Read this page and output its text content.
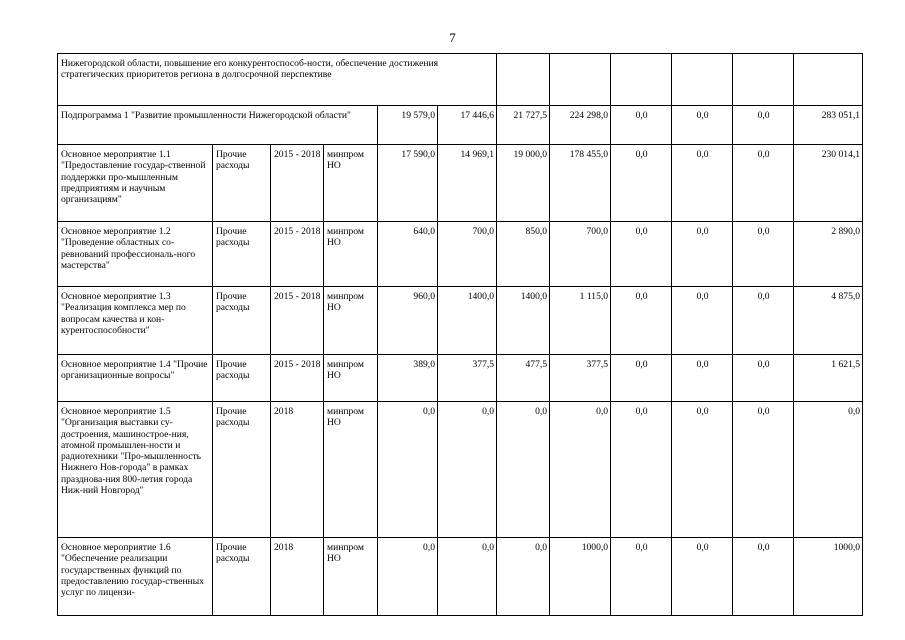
7
Нижегородской области, повышение его конкурентоспособ-ности, обеспечение достижения стратегических приоритетов региона в долгосрочной перспективе											
Подпрограмма 1 "Развитие промышленности Нижегородской области"				19 579,0	17 446,6	21 727,5	224 298,0	0,0	0,0	0,0	283 051,1
Основное мероприятие 1.1 "Предоставление государ-ственной поддержки про-мышленным предприятиям и научным организациям"	Прочие расходы	2015 - 2018	минпром НО	17 590,0	14 969,1	19 000,0	178 455,0	0,0	0,0	0,0	230 014,1
Основное мероприятие 1.2 "Проведение областных со-ревнований профессиональ-ного мастерства"	Прочие расходы	2015 - 2018	минпром НО	640,0	700,0	850,0	700,0	0,0	0,0	0,0	2 890,0
Основное мероприятие 1.3 "Реализация комплекса мер по вопросам качества и кон-курентоспособности"	Прочие расходы	2015 - 2018	минпром НО	960,0	1400,0	1400,0	1 115,0	0,0	0,0	0,0	4 875,0
Основное мероприятие 1.4 "Прочие организационные вопросы"	Прочие расходы	2015 - 2018	минпром НО	389,0	377,5	477,5	377,5	0,0	0,0	0,0	1 621,5
Основное мероприятие 1.5 "Организация выставки су-достроения, машинострое-ния, атомной промышлен-ности и радиотехники "Про-мышленность Нижнего Нов-города" в рамках празднова-ния 800-летия города Ниж-ний Новгород"	Прочие расходы	2018	минпром НО	0,0	0,0	0,0	0,0	0,0	0,0	0,0	0,0
Основное мероприятие 1.6 "Обеспечение реализации государственных функций по предоставлению государ-ственных услуг по лицензи-	Прочие расходы	2018	минпром НО	0,0	0,0	0,0	1000,0	0,0	0,0	0,0	1000,0
